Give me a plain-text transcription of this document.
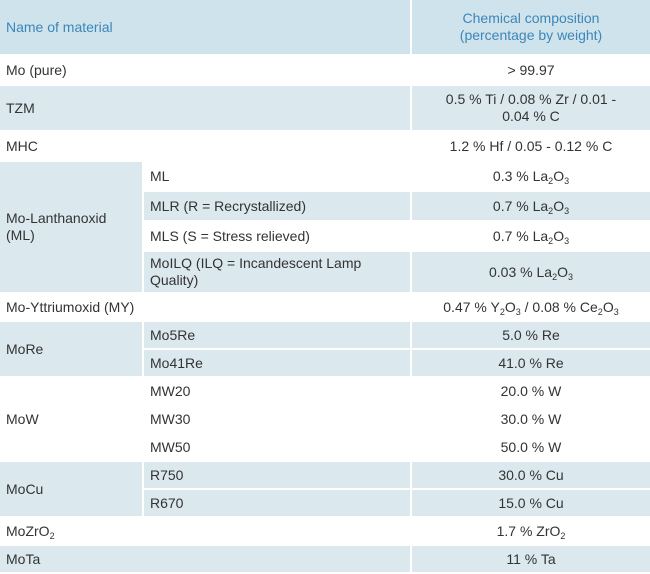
Name of material		Chemical composition
(percentage by weight)
Mo (pure)		> 99.97
TZM		0.5 % Ti / 0.08 % Zr / 0.01 -
0.04 % C
MHC		1.2 % Hf / 0.05 - 0.12 % C
Mo-Lanthanoxid
(ML)	ML	0.3 % $La_2O_3$
	MLR (R = Recrystallized)	0.7 % $La_2O_3$
	MLS (S = Stress relieved)	0.7 % $La_2O_3$
	MoILQ (ILQ = Incandescent Lamp
Quality)	0.03 % $La_2O_3$
Mo-Yttriumoxid (MY)		0.47 % $Y_2O_3 / 0.08$ % $Ce_2O_3$
MoRe	Mo5Re	5.0 % Re
	Mo41Re	41.0 % Re
MoW	MW20	20.0 % W
	MW30	30.0 % W
	MW50	50.0 % W
MoCu	R750	30.0 % Cu
	R670	15.0 % Cu
MoZrO$_2$		1.7 % ZrO$_2$
MoTa		11 % Ta
